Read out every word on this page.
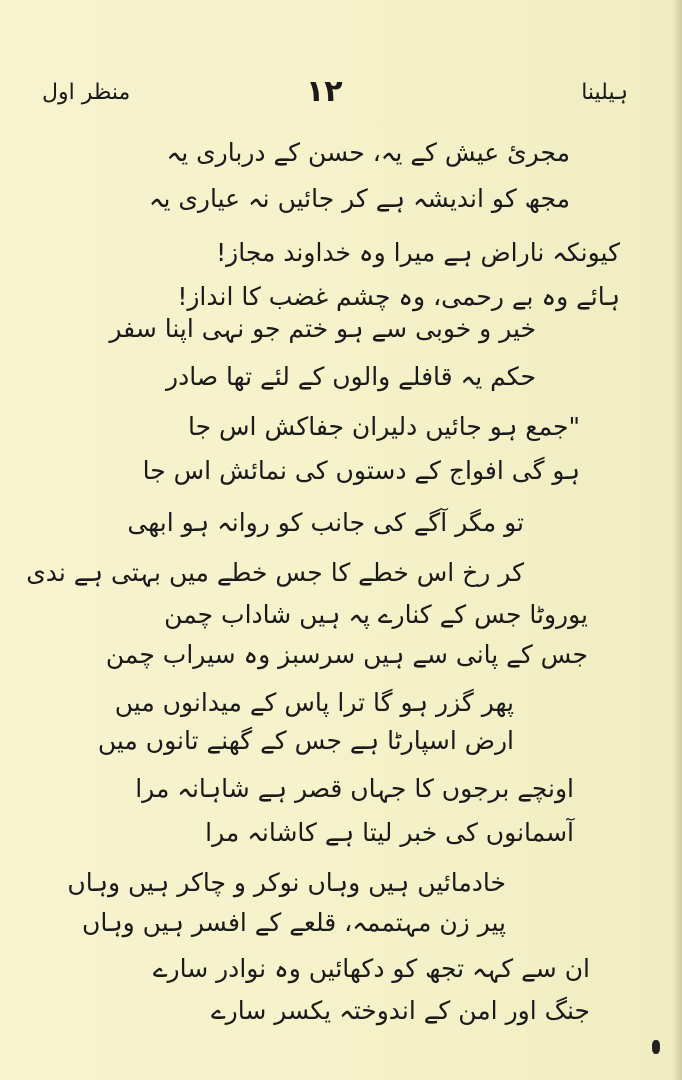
منظر اول	۱۲	ہیلینا
مجرئ عیش کے یہ، حسن کے درباری یہ
مجھ کو اندیشہ ہے کر جائیں نہ عیاری یہ
کیونکہ ناراض ہے میرا وہ خداوند مجاز!
ہائے وہ بے رحمی، وہ چشم غضب کا انداز!
خیر و خوبی سے ہو ختم جو نہی اپنا سفر
حکم یہ قافلے والوں کے لئے تھا صادر
"جمع ہو جائیں دلیران جفاکش اس جا
ہو گی افواج کے دستوں کی نمائش اس جا
تو مگر آگے کی جانب کو روانہ ہو ابھی
کر رخ اس خطے کا جس خطے میں بہتی ہے ندی
یوروٹا جس کے کنارے پہ ہیں شاداب چمن
جس کے پانی سے ہیں سرسبز وہ سیراب چمن
پھر گزر ہو گا ترا پاس کے میدانوں میں
ارض اسپارٹا ہے جس کے گھنے تانوں میں
اونچے برجوں کا جہاں قصر ہے شاہانہ مرا
آسمانوں کی خبر لیتا ہے کاشانہ مرا
خادمائیں ہیں وہاں نوکر و چاکر ہیں وہاں
پیر زن مہتممہ، قلعے کے افسر ہیں وہاں
ان سے کہہ تجھ کو دکھائیں وہ نوادر سارے
جنگ اور امن کے اندوختہ یکسر سارے
